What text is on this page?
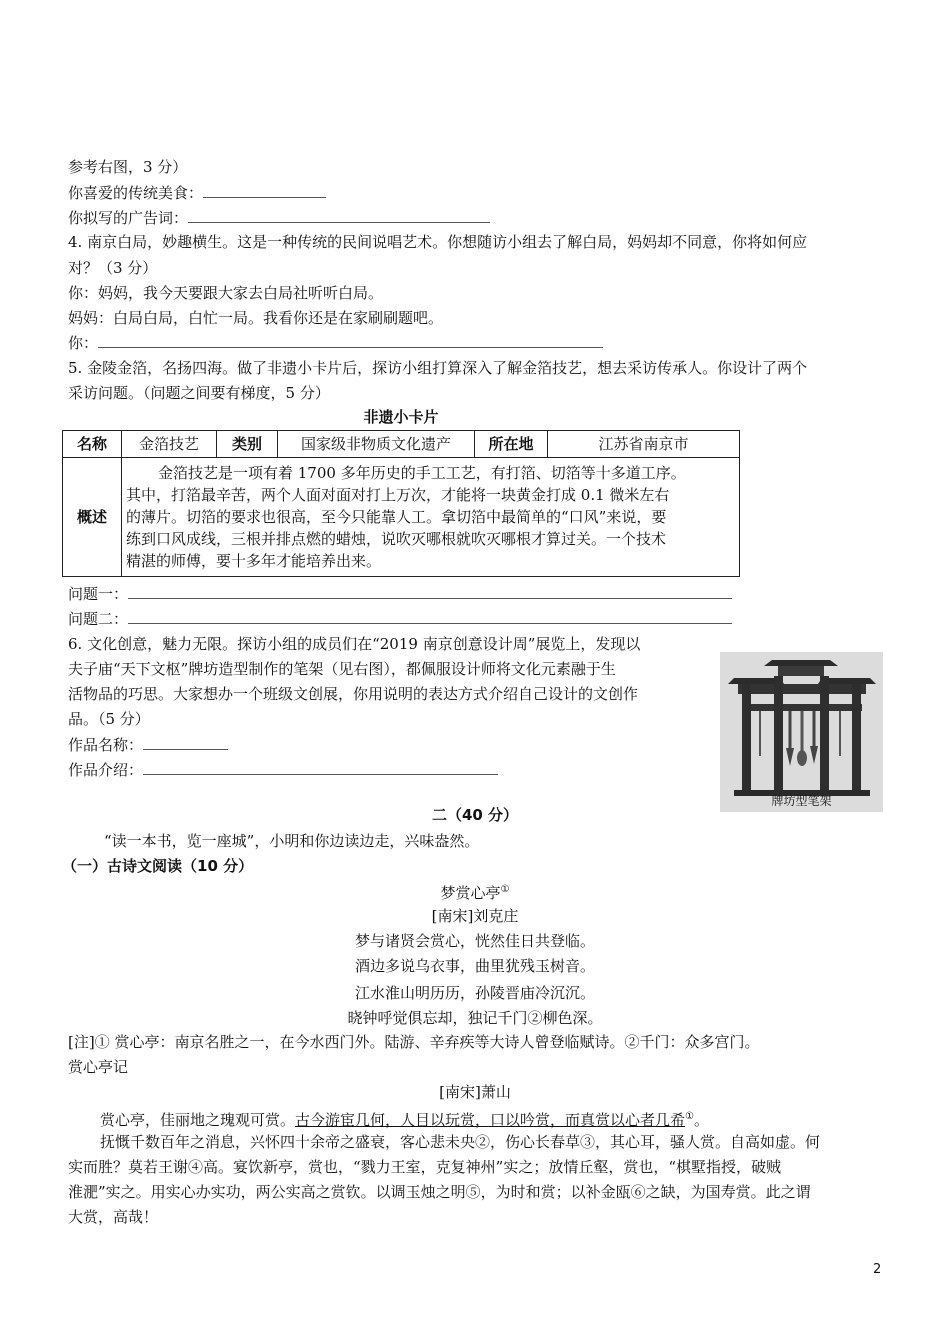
参考右图，3 分）
你喜爱的传统美食：
你拟写的广告词：
4. 南京白局，妙趣横生。这是一种传统的民间说唱艺术。你想随访小组去了解白局，妈妈却不同意，你将如何应
对？（3 分）
你：妈妈，我今天要跟大家去白局社听听白局。
妈妈：白局白局，白忙一局。我看你还是在家刷刷题吧。
你：
5. 金陵金箔，名扬四海。做了非遗小卡片后，探访小组打算深入了解金箔技艺，想去采访传承人。你设计了两个
采访问题。（问题之间要有梯度，5 分）
非遗小卡片
名称	金箔技艺	类别	国家级非物质文化遗产	所在地	江苏省南京市
概述	金箔技艺是一项有着 1700 多年历史的手工工艺，有打箔、切箔等十多道工序。

其中，打箔最辛苦，两个人面对面对打上万次，才能将一块黄金打成 0.1 微米左右

的薄片。切箔的要求也很高，至今只能靠人工。拿切箔中最简单的“口风”来说，要

练到口风成线，三根并排点燃的蜡烛，说吹灭哪根就吹灭哪根才算过关。一个技术

精湛的师傅，要十多年才能培养出来。				

问题一：
问题二：
6. 文化创意，魅力无限。探访小组的成员们在“2019 南京创意设计周”展览上，发现以
夫子庙“天下文枢”牌坊造型制作的笔架（见右图），都佩服设计师将文化元素融于生
活物品的巧思。大家想办一个班级文创展，你用说明的表达方式介绍自己设计的文创作
品。（5 分）
作品名称：
作品介绍：
牌坊型笔架
二（40 分）
“读一本书，览一座城”，小明和你边读边走，兴味盎然。
（一）古诗文阅读（10 分）
梦赏心亭①
[南宋]刘克庄
梦与诸贤会赏心，恍然佳日共登临。
酒边多说乌衣事，曲里犹残玉树音。
江水淮山明历历，孙陵晋庙冷沉沉。
晓钟呼觉俱忘却，独记千门②柳色深。
[注]① 赏心亭：南京名胜之一，在今水西门外。陆游、辛弃疾等大诗人曾登临赋诗。②千门：众多宫门。
赏心亭记
[南宋]萧山
赏心亭，佳丽地之瑰观可赏。古今游宦几何，人目以玩赏，口以吟赏，而真赏以心者几希①。
抚慨千数百年之消息，兴怀四十余帝之盛衰，客心悲未央②，伤心长春草③，其心耳，骚人赏。自高如虚。何
实而胜？莫若王谢④高。宴饮新亭，赏也，“戮力王室，克复神州”实之；放情丘壑，赏也，“棋墅指授，破贼
淮淝”实之。用实心办实功，两公实高之赏钦。以调玉烛之明⑤，为时和赏；以补金瓯⑥之缺，为国寿赏。此之谓
大赏，高哉！
2
